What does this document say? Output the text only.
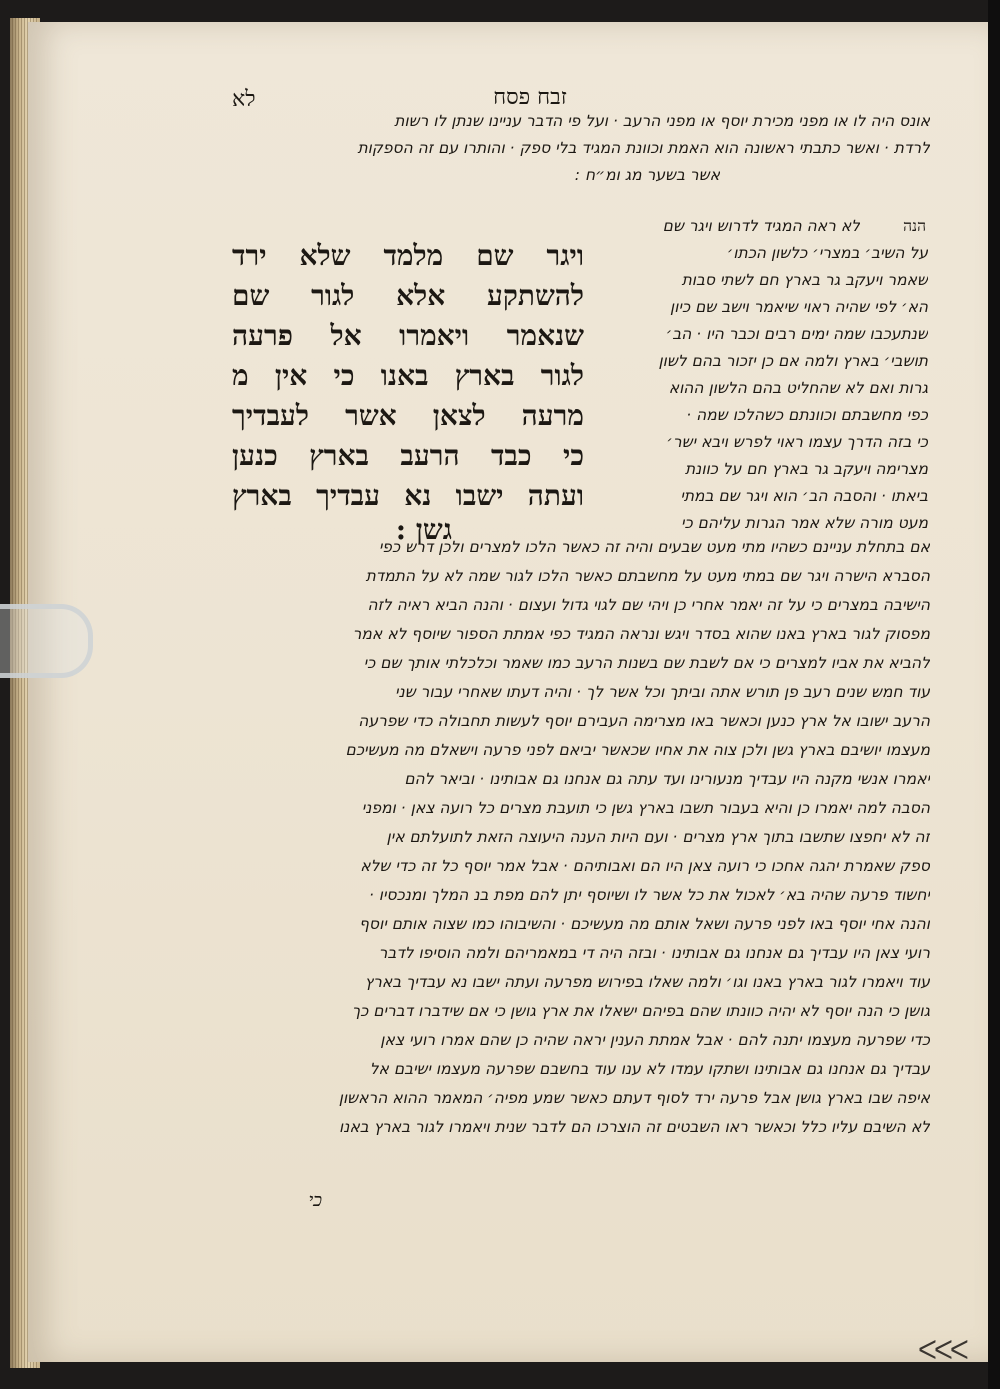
זבח פסח
לא
אונס היה לו או מפני מכירת יוסף או מפני הרעב · ועל פי הדבר עניינו שנתן לו רשות
לרדת · ואשר כתבתי ראשונה הוא האמת וכוונת המגיד בלי ספק · והותרו עם זה הספקות
אשר בשער מג ומ״ח :
הנה
לא ראה המגיד לדרוש ויגר שם
על השיב׳ במצרי׳ כלשון הכתו׳
שאמר ויעקב גר בארץ חם לשתי סבות
הא׳ לפי שהיה ראוי שיאמר וישב שם כיון
שנתעכבו שמה ימים רבים וכבר היו · הב׳
תושבי׳ בארץ ולמה אם כן יזכור בהם לשון
גרות ואם לא שהחליט בהם הלשון ההוא
כפי מחשבתם וכוונתם כשהלכו שמה ·
כי בזה הדרך עצמו ראוי לפרש ויבא ישר׳
מצרימה ויעקב גר בארץ חם על כוונת
ביאתו · והסבה הב׳ הוא ויגר שם במתי
מעט מורה שלא אמר הגרות עליהם כי
ויגר שם מלמד שלא ירד
להשתקע אלא לגור שם
שנאמר ויאמרו אל פרעה
לגור בארץ באנו כי אין מ
מרעה לצאן אשר לעבדיך
כי כבד הרעב בארץ כנען
ועתה ישבו נא עבדיך בארץ
גשן :
אם בתחלת עניינם כשהיו מתי מעט שבעים והיה זה כאשר הלכו למצרים ולכן דרש כפי
הסברא הישרה ויגר שם במתי מעט על מחשבתם כאשר הלכו לגור שמה לא על התמדת
הישיבה במצרים כי על זה יאמר אחרי כן ויהי שם לגוי גדול ועצום · והנה הביא ראיה לזה
מפסוק לגור בארץ באנו שהוא בסדר ויגש ונראה המגיד כפי אמתת הספור שיוסף לא אמר
להביא את אביו למצרים כי אם לשבת שם בשנות הרעב כמו שאמר וכלכלתי אותך שם כי
עוד חמש שנים רעב פן תורש אתה וביתך וכל אשר לך · והיה דעתו שאחרי עבור שני
הרעב ישובו אל ארץ כנען וכאשר באו מצרימה העבירם יוסף לעשות תחבולה כדי שפרעה
מעצמו יושיבם בארץ גשן ולכן צוה את אחיו שכאשר יביאם לפני פרעה וישאלם מה מעשיכם
יאמרו אנשי מקנה היו עבדיך מנעורינו ועד עתה גם אנחנו גם אבותינו · וביאר להם
הסבה למה יאמרו כן והיא בעבור תשבו בארץ גשן כי תועבת מצרים כל רועה צאן · ומפני
זה לא יחפצו שתשבו בתוך ארץ מצרים · ועם היות הענה היעוצה הזאת לתועלתם אין
ספק שאמרת יהגה אחכו כי רועה צאן היו הם ואבותיהם · אבל אמר יוסף כל זה כדי שלא
יחשוד פרעה שהיה בא׳ לאכול את כל אשר לו ושיוסף יתן להם מפת בנ המלך ומנכסיו ·
והנה אחי יוסף באו לפני פרעה ושאל אותם מה מעשיכם · והשיבוהו כמו שצוה אותם יוסף
רועי צאן היו עבדיך גם אנחנו גם אבותינו · ובזה היה די במאמריהם ולמה הוסיפו לדבר
עוד ויאמרו לגור בארץ באנו וגו׳ ולמה שאלו בפירוש מפרעה ועתה ישבו נא עבדיך בארץ
גושן כי הנה יוסף לא יהיה כוונתו שהם בפיהם ישאלו את ארץ גושן כי אם שידברו דברים כך
כדי שפרעה מעצמו יתנה להם · אבל אמתת הענין יראה שהיה כן שהם אמרו רועי צאן
עבדיך גם אנחנו גם אבותינו ושתקו עמדו לא ענו עוד בחשבם שפרעה מעצמו ישיבם אל
איפה שבו בארץ גושן אבל פרעה ירד לסוף דעתם כאשר שמע מפיה׳ המאמר ההוא הראשון
לא השיבם עליו כלל וכאשר ראו השבטים זה הוצרכו הם לדבר שנית ויאמרו לגור בארץ באנו
כי
ᐸᐸᐸ
